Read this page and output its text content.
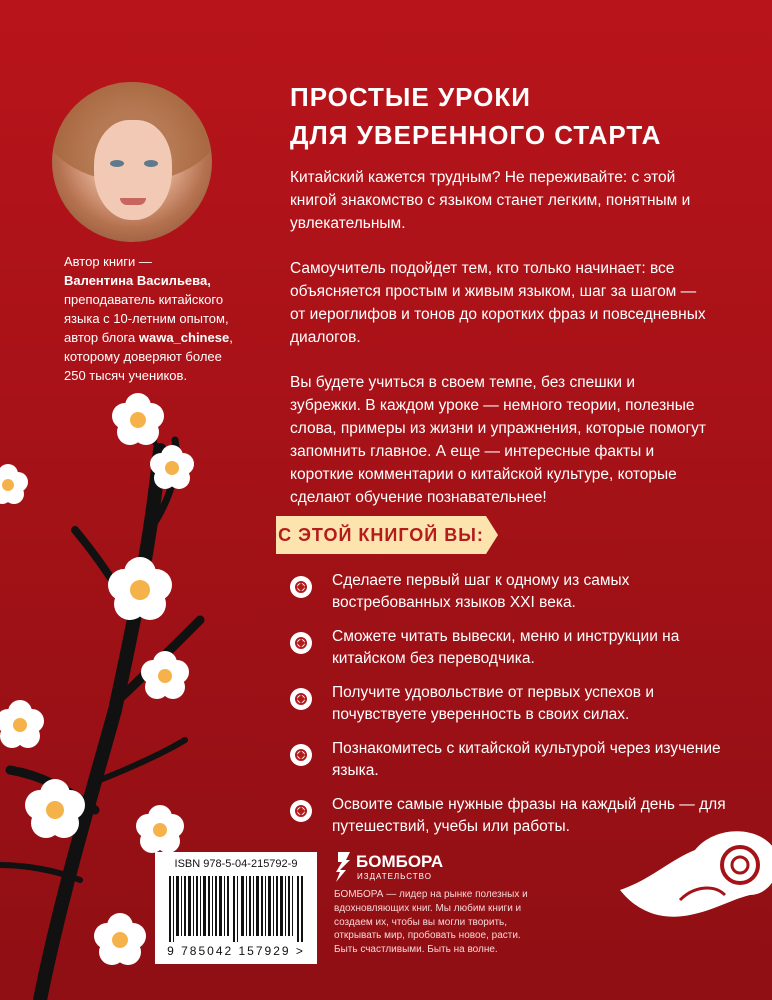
Автор книги —
Валентина Васильева,
преподаватель китайского
языка с 10-летним опытом,
автор блога wawa_chinese,
которому доверяют более
250 тысяч учеников.
ПРОСТЫЕ УРОКИ
ДЛЯ УВЕРЕННОГО СТАРТА

Китайский кажется трудным? Не переживайте: с этой книгой знакомство с языком станет легким, понятным и увлекательным.

Самоучитель подойдет тем, кто только начинает: все объясняется простым и живым языком, шаг за шагом — от иероглифов и тонов до коротких фраз и повседневных диалогов.

Вы будете учиться в своем темпе, без спешки и зубрежки. В каждом уроке — немного теории, полезные слова, примеры из жизни и упражнения, которые помогут запомнить главное. А еще — интересные факты и короткие комментарии о китайской культуре, которые сделают обучение познавательнее!

С ЭТОЙ КНИГОЙ ВЫ:
Сделаете первый шаг к одному из самых востребованных языков XXI века.
Сможете читать вывески, меню и инструкции на китайском без переводчика.
Получите удовольствие от первых успехов и почувствуете уверенность в своих силах.
Познакомитесь с китайской культурой через изучение языка.
Освоите самые нужные фразы на каждый день — для путешествий, учебы или работы.
ISBN 978-5-04-215792-9
9 785042 157929 >
БОМБОРА
ИЗДАТЕЛЬСТВО
БОМБОРА — лидер на рынке полезных и вдохновляющих книг. Мы любим книги и создаем их, чтобы вы могли творить, открывать мир, пробовать новое, расти. Быть счастливыми. Быть на волне.
